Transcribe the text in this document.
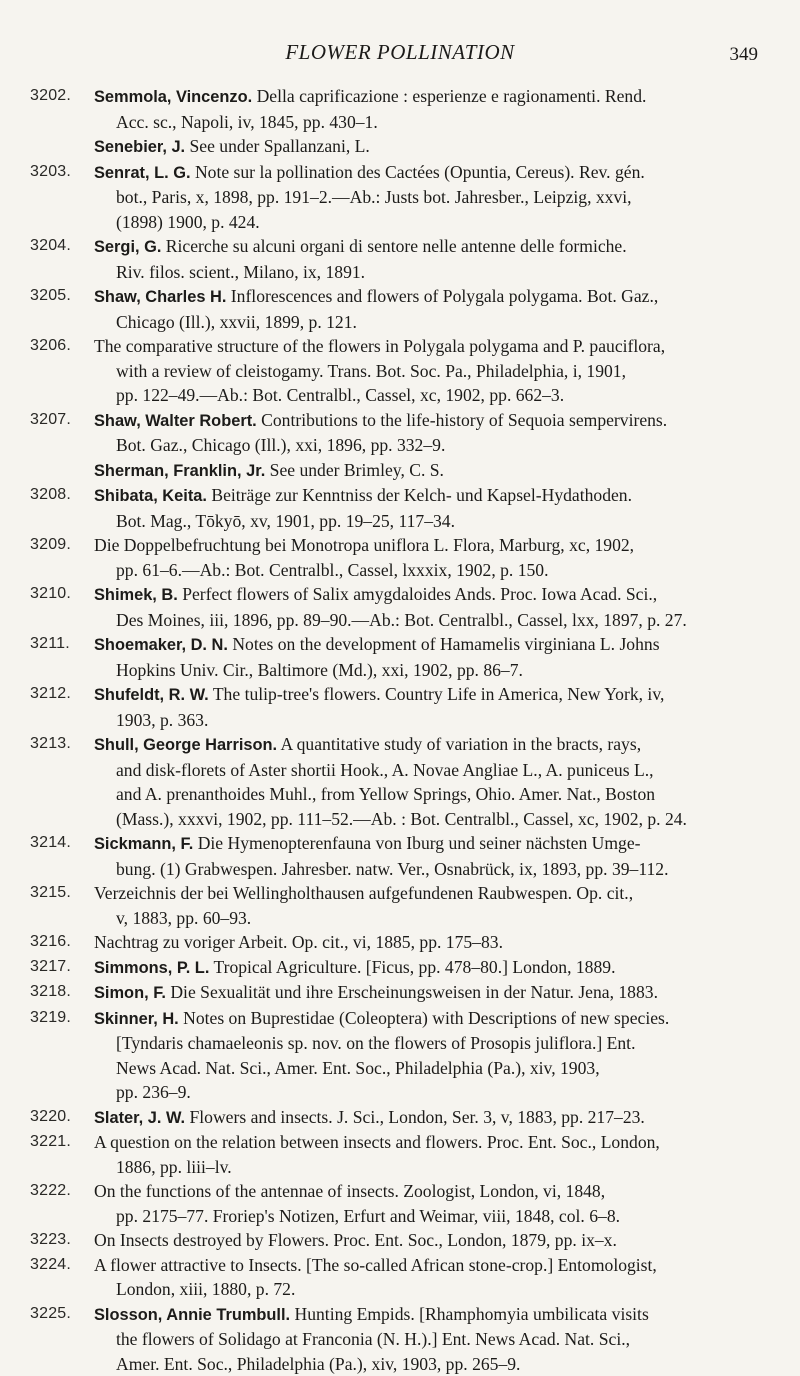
FLOWER POLLINATION	349
3202.	Semmola, Vincenzo. Della caprificazione : esperienze e ragionamenti. Rend.
Acc. sc., Napoli, iv, 1845, pp. 430–1.
Senebier, J. See under Spallanzani, L.
3203.	Senrat, L. G. Note sur la pollination des Cactées (Opuntia, Cereus). Rev. gén.
bot., Paris, x, 1898, pp. 191–2.—Ab.: Justs bot. Jahresber., Leipzig, xxvi,
(1898) 1900, p. 424.
3204.	Sergi, G. Ricerche su alcuni organi di sentore nelle antenne delle formiche.
Riv. filos. scient., Milano, ix, 1891.
3205.	Shaw, Charles H. Inflorescences and flowers of Polygala polygama. Bot. Gaz.,
Chicago (Ill.), xxvii, 1899, p. 121.
3206.	The comparative structure of the flowers in Polygala polygama and P. pauciflora,
with a review of cleistogamy. Trans. Bot. Soc. Pa., Philadelphia, i, 1901,
pp. 122–49.—Ab.: Bot. Centralbl., Cassel, xc, 1902, pp. 662–3.
3207.	Shaw, Walter Robert. Contributions to the life-history of Sequoia sempervirens.
Bot. Gaz., Chicago (Ill.), xxi, 1896, pp. 332–9.
Sherman, Franklin, Jr. See under Brimley, C. S.
3208.	Shibata, Keita. Beiträge zur Kenntniss der Kelch- und Kapsel-Hydathoden.
Bot. Mag., Tōkyō, xv, 1901, pp. 19–25, 117–34.
3209.	Die Doppelbefruchtung bei Monotropa uniflora L. Flora, Marburg, xc, 1902,
pp. 61–6.—Ab.: Bot. Centralbl., Cassel, lxxxix, 1902, p. 150.
3210.	Shimek, B. Perfect flowers of Salix amygdaloides Ands. Proc. Iowa Acad. Sci.,
Des Moines, iii, 1896, pp. 89–90.—Ab.: Bot. Centralbl., Cassel, lxx, 1897, p. 27.
3211.	Shoemaker, D. N. Notes on the development of Hamamelis virginiana L. Johns
Hopkins Univ. Cir., Baltimore (Md.), xxi, 1902, pp. 86–7.
3212.	Shufeldt, R. W. The tulip-tree's flowers. Country Life in America, New York, iv,
1903, p. 363.
3213.	Shull, George Harrison. A quantitative study of variation in the bracts, rays,
and disk-florets of Aster shortii Hook., A. Novae Angliae L., A. puniceus L.,
and A. prenanthoides Muhl., from Yellow Springs, Ohio. Amer. Nat., Boston
(Mass.), xxxvi, 1902, pp. 111–52.—Ab. : Bot. Centralbl., Cassel, xc, 1902, p. 24.
3214.	Sickmann, F. Die Hymenopterenfauna von Iburg und seiner nächsten Umge-
bung. (1) Grabwespen. Jahresber. natw. Ver., Osnabrück, ix, 1893, pp. 39–112.
3215.	Verzeichnis der bei Wellingholthausen aufgefundenen Raubwespen. Op. cit.,
v, 1883, pp. 60–93.
3216.	Nachtrag zu voriger Arbeit. Op. cit., vi, 1885, pp. 175–83.
3217.	Simmons, P. L. Tropical Agriculture. [Ficus, pp. 478–80.] London, 1889.
3218.	Simon, F. Die Sexualität und ihre Erscheinungsweisen in der Natur. Jena, 1883.
3219.	Skinner, H. Notes on Buprestidae (Coleoptera) with Descriptions of new species.
[Tyndaris chamaeleonis sp. nov. on the flowers of Prosopis juliflora.] Ent.
News Acad. Nat. Sci., Amer. Ent. Soc., Philadelphia (Pa.), xiv, 1903,
pp. 236–9.
3220.	Slater, J. W. Flowers and insects. J. Sci., London, Ser. 3, v, 1883, pp. 217–23.
3221.	A question on the relation between insects and flowers. Proc. Ent. Soc., London,
1886, pp. liii–lv.
3222.	On the functions of the antennae of insects. Zoologist, London, vi, 1848,
pp. 2175–77. Froriep's Notizen, Erfurt and Weimar, viii, 1848, col. 6–8.
3223.	On Insects destroyed by Flowers. Proc. Ent. Soc., London, 1879, pp. ix–x.
3224.	A flower attractive to Insects. [The so-called African stone-crop.] Entomologist,
London, xiii, 1880, p. 72.
3225.	Slosson, Annie Trumbull. Hunting Empids. [Rhamphomyia umbilicata visits
the flowers of Solidago at Franconia (N. H.).] Ent. News Acad. Nat. Sci.,
Amer. Ent. Soc., Philadelphia (Pa.), xiv, 1903, pp. 265–9.
